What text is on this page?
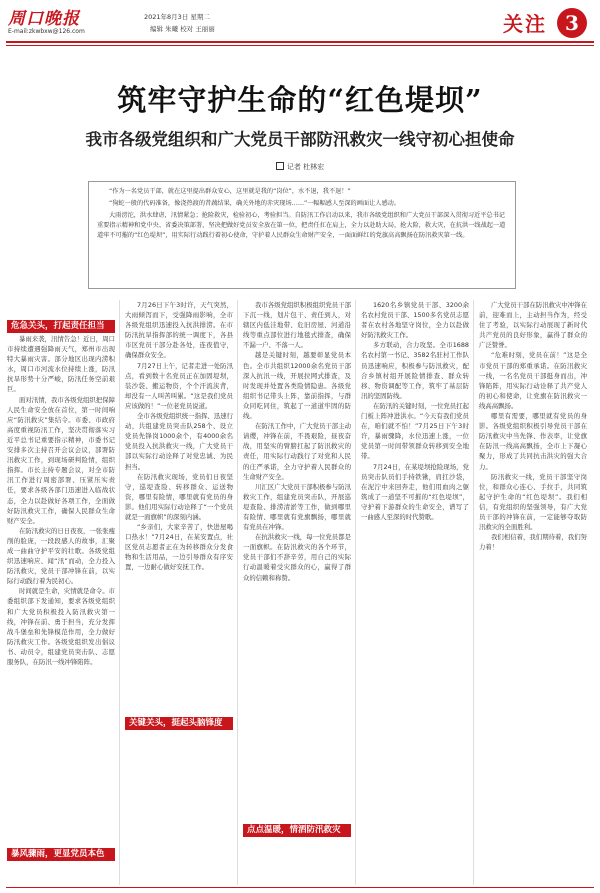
周口晚报
E-mail:zkwbxw@126.com
2021年8月3日 星期二
编辑 朱曦 校对 王丽丽	关注 3
筑牢守护生命的“红色堤坝”
我市各级党组织和广大党员干部防汛救灾一线守初心担使命
记者 杜林宏

“作为一名党员干部，就在这里提出群众安心，这里就是我的“岗位”，水不退，我不退！”

“狗蛇一般的代码准备，像浇热渡的昔蔬结果，确关外地的赤灾现场……”一幅幅感人至深的画面让人感动。

大雨滂沱，洪水肆虐，汛情紧急；抢险救灾，检验初心，考验担当。自防汛工作启动以来，我市各级党组织和广大党员干部深入贯彻习近平总书记重要指示精神和党中央、省委决策部署，坚决把做好党员安全放在第一位，把责任扛在肩上，全力以赴助大局，抢大险，救大灾，在抗洪一线战起一道道牢不可摧的“红色堤坝”，用实际行动践行着初心使命，守护着人民群众生命财产安全，一面面鲜红的党旗高高飘扬在防汛救灾第一线。

暴雨来袭，汛情告急！近日，周口市持续遭遇强降雨天气，郑州市出现特大暴雨灾害。部分地区出现内涝积水，周口市河流水位持续上涨，防汛抗旱形势十分严峻，防汛任务空前艰巨。

面对汛情，我市各级党组织把保障人民生命安全放在首位，第一时间响应“防汛救灾”集结令。市委、市政府高度重视防汛工作，坚决贯彻落实习近平总书记重要指示精神，市委书记安排多次主持召开会议会议，部署防汛救灾工作，到现场研判险情，组织指挥。市长主持专题会议，对全市防汛工作进行周密部署、压紧压实责任，要求各级各部门迅速进入临战状态，全力以赴做好各项工作，全面做好防汛救灾工作，确保人民群众生命财产安全。

在防汛救灾的日日夜夜，一张张瘦削的脸庞，一段段感人的故事，汇聚成一曲曲守护平安的壮歌。各级党组织迅速响应、闻“汛”而动，全力投入防汛救灾，党员干部冲锋在前，以实际行动践行着为民初心。

时间就是生命，灾情就是命令。市委组织部下发通知，要求各级党组织和广大党员积极投入防汛救灾第一线，冲锋在前、勇于担当，充分发挥战斗堡垒和先锋模范作用，全力做好防汛救灾工作。各级党组织发出倡议书、动员令，组建党员突击队、志愿服务队，在防汛一线冲锋陷阵。

危急关头，打起责任担当
暴风骤雨，更显党员本色

7月26日下午3时许，天气突然，大雨倾泻而下，受强降雨影响，全市各级党组织迅速投入抗洪排涝。在市防汛抗旱指挥部的统一调度下，各县市区党员干部分赴各处，连夜值守，确保群众安全。

7月27日上午，记者走进一处防汛点，看到数十名党员正在加固堤坝，装沙袋、搬运物资，个个汗流浃背，却没有一人叫苦叫累。“这是我们党员应该做的！”一位老党员说道。

全市各级党组织统一指挥、迅速行动，共组建党员突击队258个、设立党员先锋岗1000余个，有4000余名党员投入抗洪救灾一线，广大党员干部以实际行动诠释了对党忠诚、为民担当。

在防汛救灾现场，党员们日夜坚守，巡堤查险、转移群众、运送物资，哪里有险情，哪里就有党员的身影。他们用实际行动诠释了“一个党员就是一面旗帜”的深刻内涵。

“乡亲们，大家辛苦了，快进屋喝口热水！”7月24日，在某安置点，社区党员志愿者正在为转移群众分发食物和生活用品，一边引导群众有序安置，一边耐心做好安抚工作。

关键关头，挺起头脑锋度

我市各级党组织积极组织党员干部下沉一线，划片包干、责任到人，对辖区内低洼地带、危旧房屋、河道沿线等重点部位进行地毯式排查，确保不漏一户、不落一人。

越是关键时刻，越要彰显党员本色。全市共组织12000余名党员干部深入抗汛一线，开展拉网式排查，及时发现并处置各类险情隐患。各级党组织书记带头上阵，靠前指挥，与群众同吃同住，筑起了一道道牢固的防线。

在防汛工作中，广大党员干部主动请缨，冲锋在前，不畏艰险，昼夜奋战，用坚实的臂膀扛起了防汛救灾的责任，用实际行动践行了对党和人民的庄严承诺，全力守护着人民群众的生命财产安全。

川汇区广大党员干部积极参与防汛救灾工作，组建党员突击队，开展巡堤查险、排涝清淤等工作，做到哪里有险情、哪里就有党旗飘扬，哪里就有党员在冲锋。

在抗洪救灾一线，每一位党员都是一面旗帜。在防汛救灾的各个环节，党员干部们不辞辛劳，用自己的实际行动温暖着受灾群众的心，赢得了群众的信赖和称赞。

点点温暖，情洒防汛救灾

1620名乡镇党员干部、3200余名农村党员干部、1500多名党员志愿者在农村各地坚守岗位，全力以赴做好防汛救灾工作。

多方联动，合力攻坚。全市1688名农村第一书记、3582名驻村工作队员迅速响应，积极参与防汛救灾，配合乡镇村组开展险情排查、群众转移、物资调配等工作，筑牢了基层防汛的坚固防线。

在防汛的关键时刻，一位党员扛起门板上阵冲进洪水。“今天有我们党员在，咱们就不怕！”7月25日下午3时许，暴雨骤降，水位迅速上涨，一位党员第一时间带领群众转移到安全地带。

7月24日，在某堤坝抢险现场，党员突击队员们手持铁锹，肩扛沙袋，在泥泞中来回奔走，他们用血肉之躯筑成了一道坚不可摧的“红色堤坝”，守护着下游群众的生命安全，谱写了一曲感人至深的时代赞歌。

广大党员干部在防汛救灾中冲锋在前，迎难而上，主动担当作为，经受住了考验，以实际行动展现了新时代共产党员的良好形象，赢得了群众的广泛赞誉。

“危难时刻，党员在前！”这是全市党员干部的郑重承诺。在防汛救灾一线，一名名党员干部挺身而出，冲锋陷阵，用实际行动诠释了共产党人的初心和使命，让党旗在防汛救灾一线高高飘扬。

哪里有需要，哪里就有党员的身影。各级党组织积极引导党员干部在防汛救灾中当先锋、作表率，让党旗在防汛一线高高飘扬，全市上下凝心聚力，形成了共同抗击洪灾的强大合力。

防汛救灾一线，党员干部坚守岗位，和群众心连心、手拉手，共同筑起守护生命的“红色堤坝”。我们相信，有党组织的坚强领导，有广大党员干部的冲锋在前，一定能够夺取防汛救灾的全面胜利。

我们相信着，我们期待着，我们努力着！
